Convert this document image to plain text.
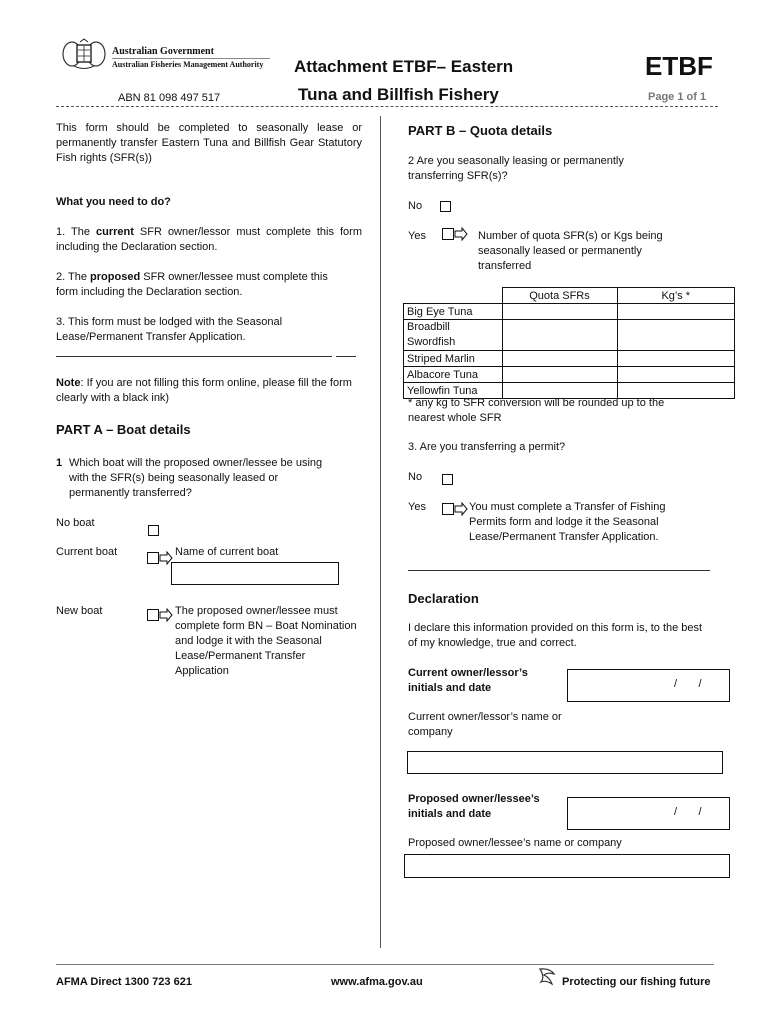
Australian Government
Australian Fisheries Management Authority
ABN 81 098 497 517
Attachment ETBF– Eastern
Tuna and Billfish Fishery
ETBF
Page 1 of 1
This form should be completed to seasonally lease or permanently transfer Eastern Tuna and Billfish Gear Statutory Fish rights (SFR(s))
What you need to do?
1. The current SFR owner/lessor must complete this form including the Declaration section.
2. The proposed SFR owner/lessee must complete this form including the Declaration section.
3. This form must be lodged with the Seasonal Lease/Permanent Transfer Application.
Note: If you are not filling this form online, please fill the form clearly with a black ink)
PART A – Boat details
1 Which boat will the proposed owner/lessee be using with the SFR(s) being seasonally leased or permanently transferred?
No boat
Current boat	Name of current boat
New boat	The proposed owner/lessee must complete form BN – Boat Nomination and lodge it with the Seasonal Lease/Permanent Transfer Application
PART B – Quota details
2 Are you seasonally leasing or permanently transferring SFR(s)?
No
Yes	Number of quota SFR(s) or Kgs being seasonally leased or permanently transferred
	Quota SFRs	Kg’s *
Big Eye Tuna		
Broadbill Swordfish		
Striped Marlin		
Albacore Tuna		
Yellowfin Tuna		
* any kg to SFR conversion will be rounded up to the nearest whole SFR
3. Are you transferring a permit?
No
Yes	You must complete a Transfer of Fishing Permits form and lodge it the Seasonal Lease/Permanent Transfer Application.
Declaration
I declare this information provided on this form is, to the best of my knowledge, true and correct.
Current owner/lessor’s initials and date	/       /
Current owner/lessor’s name or company
Proposed owner/lessee’s initials and date	/       /
Proposed owner/lessee’s name or company
AFMA Direct 1300 723 621	www.afma.gov.au	Protecting our fishing future
